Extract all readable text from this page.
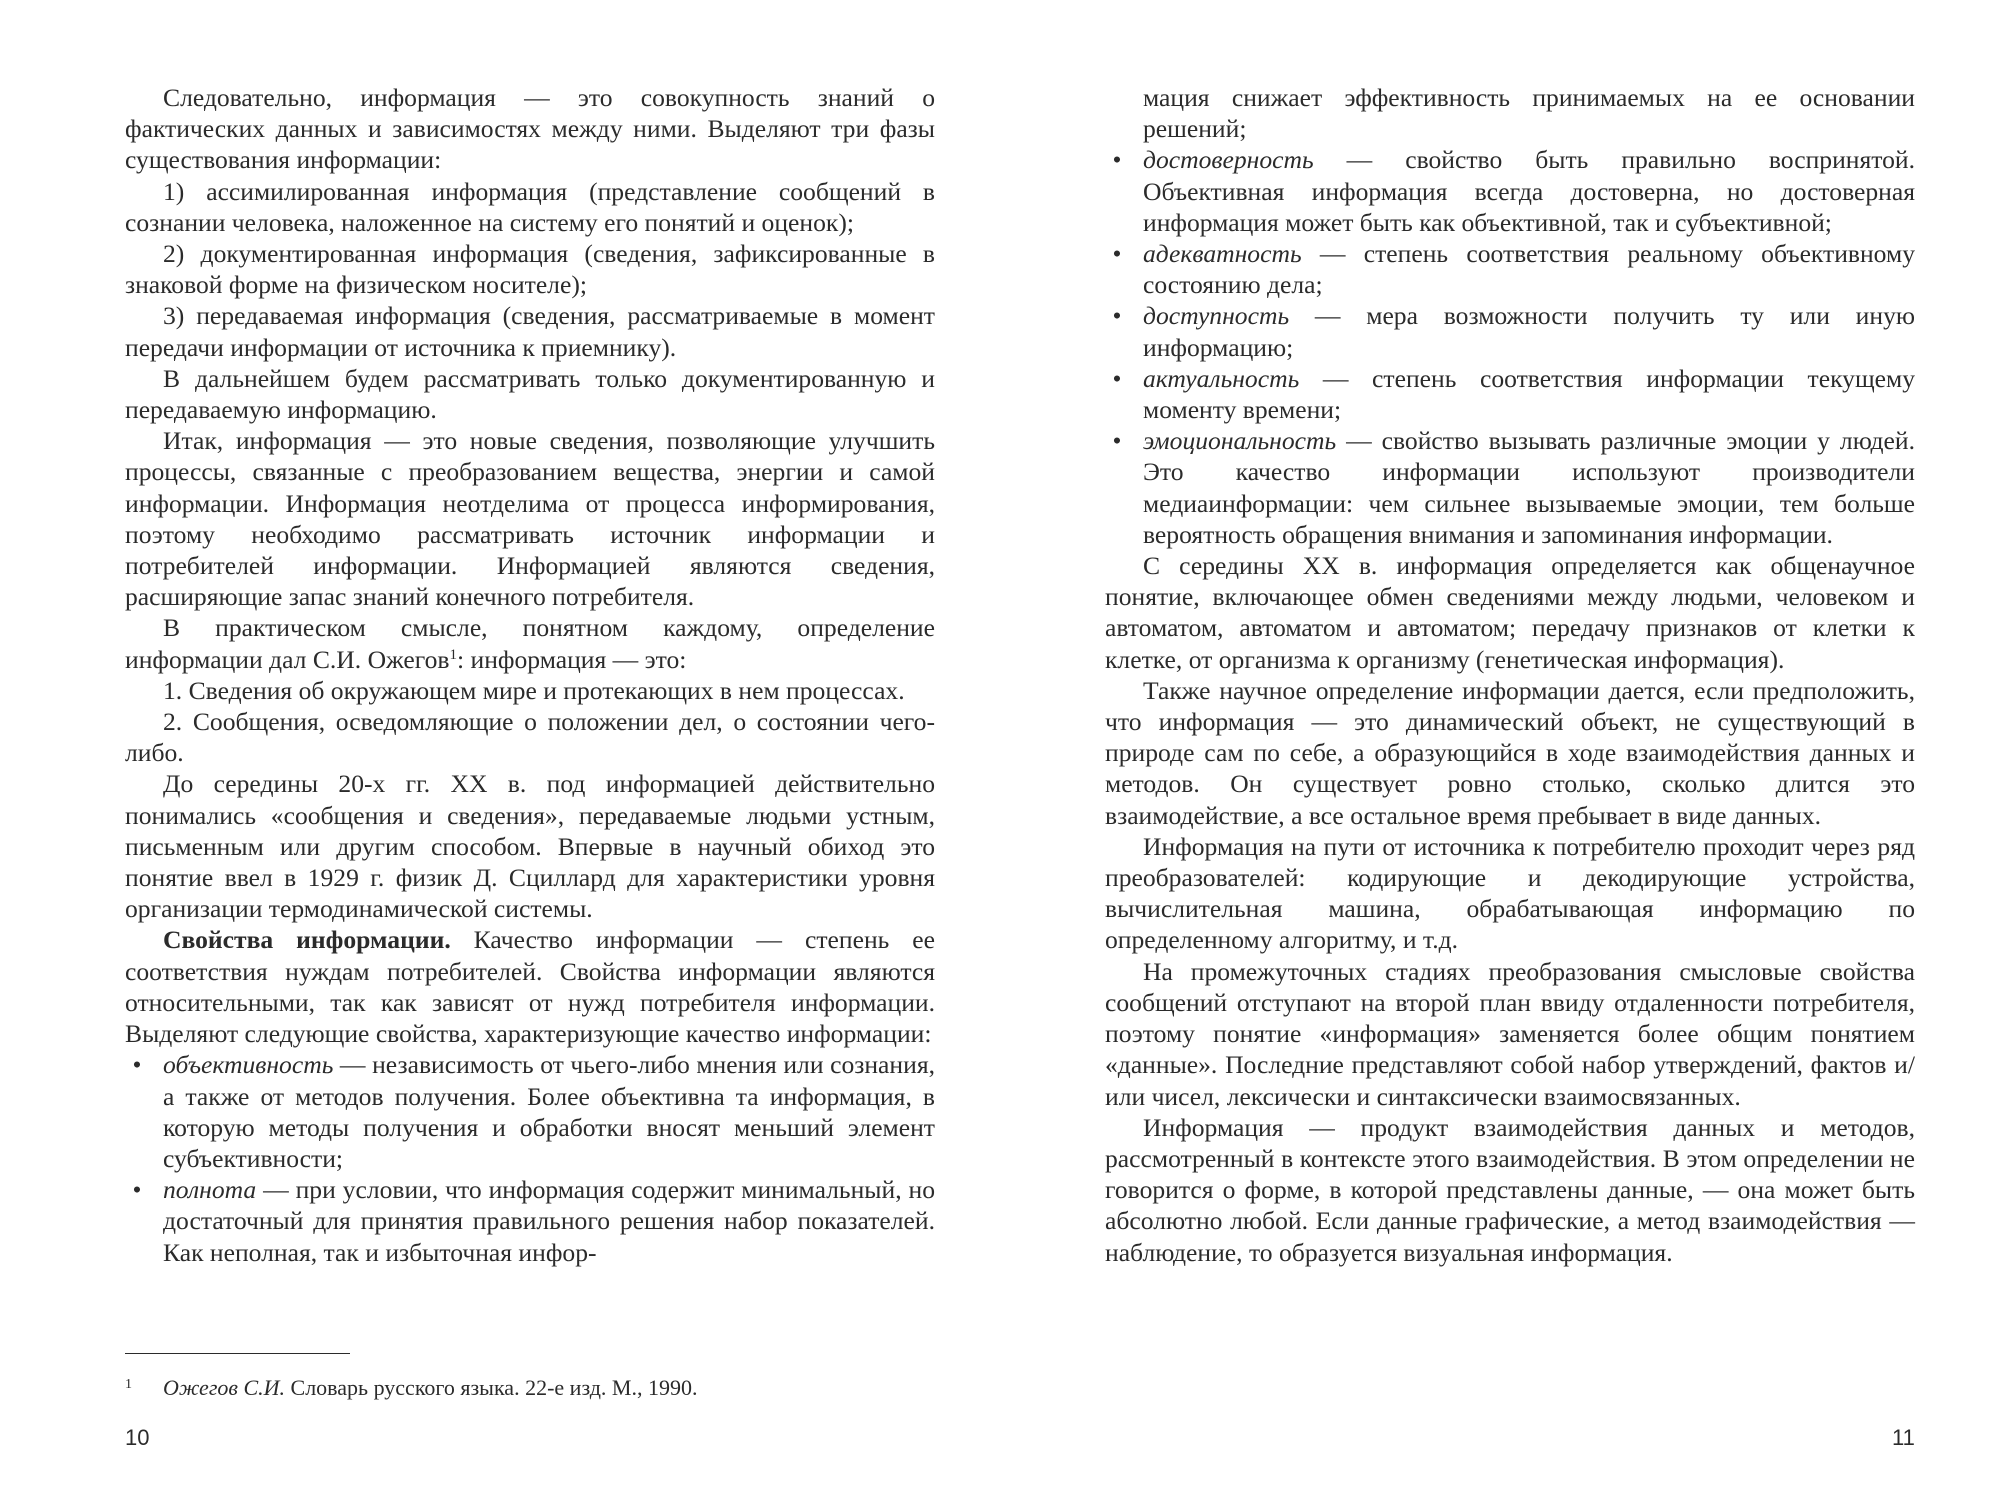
Следовательно, информация — это совокупность знаний о фактических данных и зависимостях между ними. Выделяют три фазы существования информации:

1) ассимилированная информация (представление сообщений в сознании человека, наложенное на систему его понятий и оценок);

2) документированная информация (сведения, зафиксированные в знаковой форме на физическом носителе);

3) передаваемая информация (сведения, рассматриваемые в момент передачи информации от источника к приемнику).

В дальнейшем будем рассматривать только документированную и передаваемую информацию.

Итак, информация — это новые сведения, позволяющие улучшить процессы, связанные с преобразованием вещества, энергии и самой информации. Информация неотделима от процесса информирования, поэтому необходимо рассматривать источник информации и потребителей информации. Информацией являются сведения, расширяющие запас знаний конечного потребителя.

В практическом смысле, понятном каждому, определение информации дал С.И. Ожегов$^1$: информация — это:

1. Сведения об окружающем мире и протекающих в нем процессах.

2. Сообщения, осведомляющие о положении дел, о состоянии чего-либо.

До середины 20-х гг. XX в. под информацией действительно понимались «сообщения и сведения», передаваемые людьми устным, письменным или другим способом. Впервые в научный обиход это понятие ввел в 1929 г. физик Д. Сциллард для характеристики уровня организации термодинамической системы.

Свойства информации. Качество информации — степень ее соответствия нуждам потребителей. Свойства информации являются относительными, так как зависят от нужд потребителя информации. Выделяют следующие свойства, характеризующие качество информации:

• объективность — независимость от чьего-либо мнения или сознания, а также от методов получения. Более объективна та информация, в которую методы получения и обработки вносят меньший элемент субъективности;
• полнота — при условии, что информация содержит минимальный, но достаточный для принятия правильного решения набор показателей. Как неполная, так и избыточная инфор-
1 Ожегов С.И. Словарь русского языка. 22-е изд. М., 1990.
10
мация снижает эффективность принимаемых на ее основании решений;
• достоверность — свойство быть правильно воспринятой. Объективная информация всегда достоверна, но достоверная информация может быть как объективной, так и субъективной;
• адекватность — степень соответствия реальному объективному состоянию дела;
• доступность — мера возможности получить ту или иную информацию;
• актуальность — степень соответствия информации текущему моменту времени;
• эмоциональность — свойство вызывать различные эмоции у людей. Это качество информации используют производители медиаинформации: чем сильнее вызываемые эмоции, тем больше вероятность обращения внимания и запоминания информации.

С середины XX в. информация определяется как общенаучное понятие, включающее обмен сведениями между людьми, человеком и автоматом, автоматом и автоматом; передачу признаков от клетки к клетке, от организма к организму (генетическая информация).

Также научное определение информации дается, если предположить, что информация — это динамический объект, не существующий в природе сам по себе, а образующийся в ходе взаимодействия данных и методов. Он существует ровно столько, сколько длится это взаимодействие, а все остальное время пребывает в виде данных.

Информация на пути от источника к потребителю проходит через ряд преобразователей: кодирующие и декодирующие устройства, вычислительная машина, обрабатывающая информацию по определенному алгоритму, и т.д.

На промежуточных стадиях преобразования смысловые свойства сообщений отступают на второй план ввиду отдаленности потребителя, поэтому понятие «информация» заменяется более общим понятием «данные». Последние представляют собой набор утверждений, фактов и/или чисел, лексически и синтаксически взаимосвязанных.

Информация — продукт взаимодействия данных и методов, рассмотренный в контексте этого взаимодействия. В этом определении не говорится о форме, в которой представлены данные, — она может быть абсолютно любой. Если данные графические, а метод взаимодействия — наблюдение, то образуется визуальная информация.

11
